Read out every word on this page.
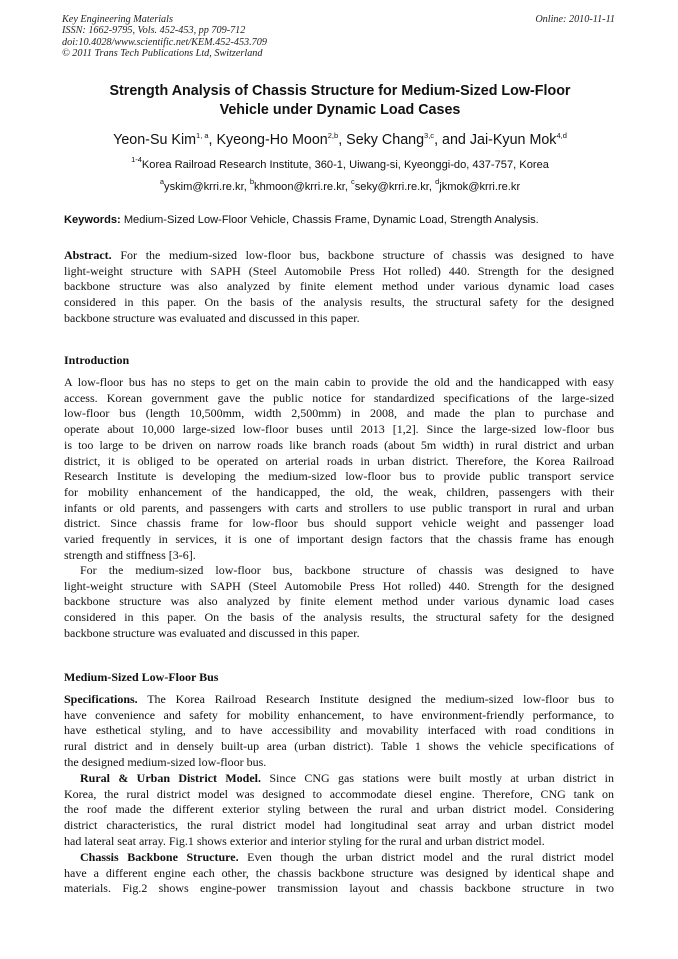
Key Engineering Materials
ISSN: 1662-9795, Vols. 452-453, pp 709-712
doi:10.4028/www.scientific.net/KEM.452-453.709
© 2011 Trans Tech Publications Ltd, Switzerland
Online: 2010-11-11
Strength Analysis of Chassis Structure for Medium-Sized Low-Floor
Vehicle under Dynamic Load Cases
Yeon-Su Kim$^{1, a}$, Kyeong-Ho Moon$^{2,b}$, Seky Chang$^{3,c}$, and Jai-Kyun Mok$^{4,d}$
$^{1-4}$Korea Railroad Research Institute, 360-1, Uiwang-si, Kyeonggi-do, 437-757, Korea
$^a$yskim@krri.re.kr, $^b$khmoon@krri.re.kr, $^c$seky@krri.re.kr, $^d$jkmok@krri.re.kr
Keywords: Medium-Sized Low-Floor Vehicle, Chassis Frame, Dynamic Load, Strength Analysis.

Abstract. For the medium-sized low-floor bus, backbone structure of chassis was designed to have
light-weight structure with SAPH (Steel Automobile Press Hot rolled) 440. Strength for the designed
backbone structure was also analyzed by finite element method under various dynamic load cases
considered in this paper. On the basis of the analysis results, the structural safety for the designed
backbone structure was evaluated and discussed in this paper.

Introduction

A low-floor bus has no steps to get on the main cabin to provide the old and the handicapped with easy
access. Korean government gave the public notice for standardized specifications of the large-sized
low-floor bus (length 10,500mm, width 2,500mm) in 2008, and made the plan to purchase and
operate about 10,000 large-sized low-floor buses until 2013 [1,2]. Since the large-sized low-floor bus
is too large to be driven on narrow roads like branch roads (about 5m width) in rural district and urban
district, it is obliged to be operated on arterial roads in urban district. Therefore, the Korea Railroad
Research Institute is developing the medium-sized low-floor bus to provide public transport service
for mobility enhancement of the handicapped, the old, the weak, children, passengers with their
infants or old parents, and passengers with carts and strollers to use public transport in rural and urban
district. Since chassis frame for low-floor bus should support vehicle weight and passenger load
varied frequently in services, it is one of important design factors that the chassis frame has enough
strength and stiffness [3-6].

For the medium-sized low-floor bus, backbone structure of chassis was designed to have
light-weight structure with SAPH (Steel Automobile Press Hot rolled) 440. Strength for the designed
backbone structure was also analyzed by finite element method under various dynamic load cases
considered in this paper. On the basis of the analysis results, the structural safety for the designed
backbone structure was evaluated and discussed in this paper.

Medium-Sized Low-Floor Bus

Specifications. The Korea Railroad Research Institute designed the medium-sized low-floor bus to
have convenience and safety for mobility enhancement, to have environment-friendly performance, to
have esthetical styling, and to have accessibility and movability interfaced with road conditions in
rural district and in densely built-up area (urban district). Table 1 shows the vehicle specifications of
the designed medium-sized low-floor bus.

Rural & Urban District Model. Since CNG gas stations were built mostly at urban district in
Korea, the rural district model was designed to accommodate diesel engine. Therefore, CNG tank on
the roof made the different exterior styling between the rural and urban district model. Considering
district characteristics, the rural district model had longitudinal seat array and urban district model
had lateral seat array. Fig.1 shows exterior and interior styling for the rural and urban district model.

Chassis Backbone Structure. Even though the urban district model and the rural district model
have a different engine each other, the chassis backbone structure was designed by identical shape and
materials. Fig.2 shows engine-power transmission layout and chassis backbone structure in two
